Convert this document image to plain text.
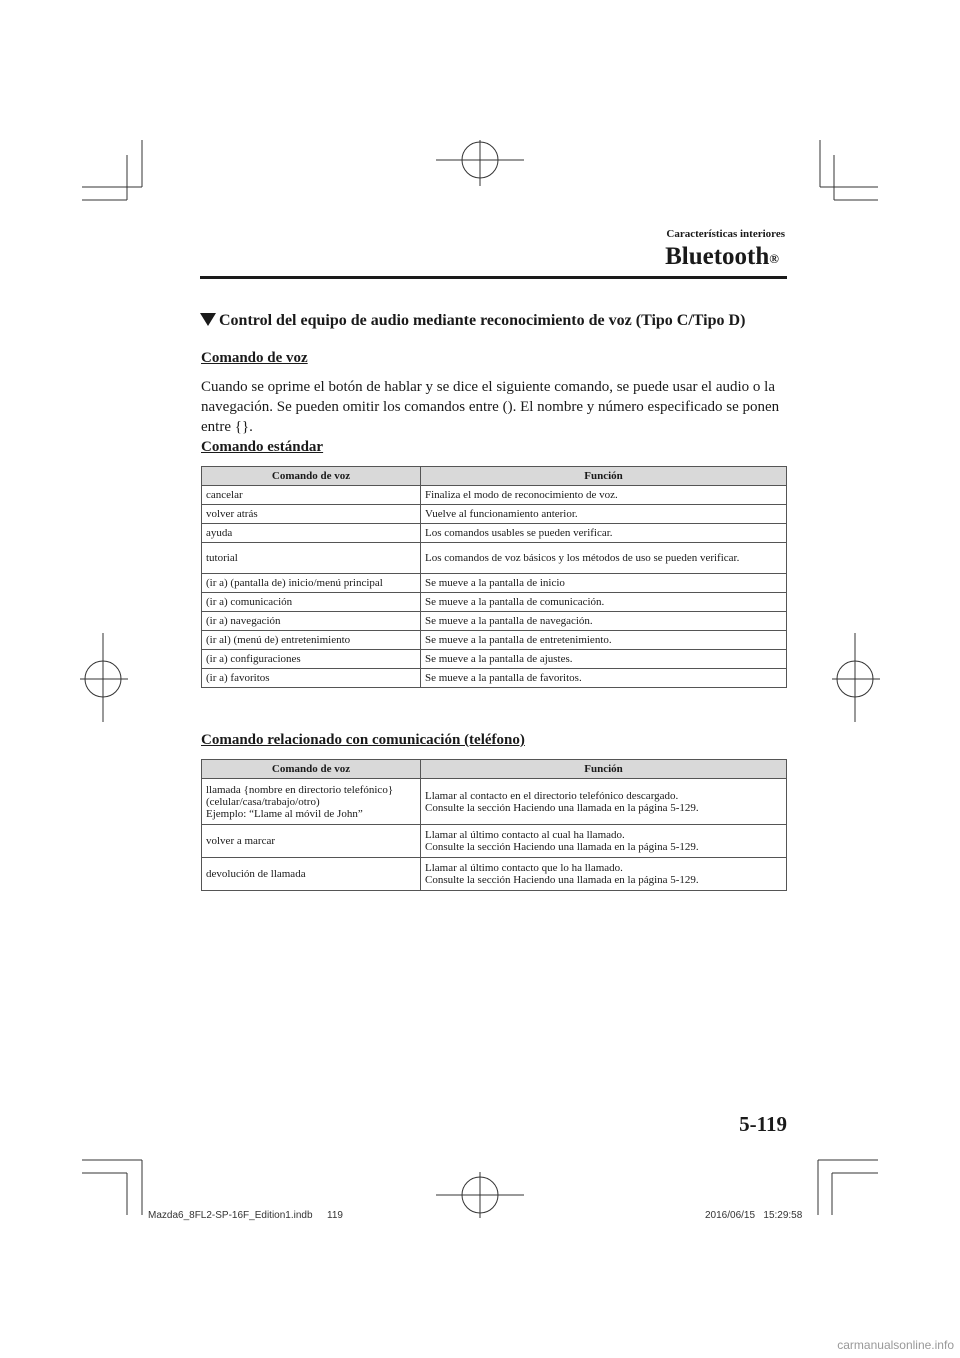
Características interiores
Bluetooth®
Control del equipo de audio mediante reconocimiento de voz (Tipo C/Tipo D)
Comando de voz
Cuando se oprime el botón de hablar y se dice el siguiente comando, se puede usar el audio o la navegación. Se pueden omitir los comandos entre (). El nombre y número especificado se ponen entre {}.
Comando estándar
Comando de voz	Función
cancelar	Finaliza el modo de reconocimiento de voz.
volver atrás	Vuelve al funcionamiento anterior.
ayuda	Los comandos usables se pueden verificar.
tutorial	Los comandos de voz básicos y los métodos de uso se pueden verificar.
(ir a) (pantalla de) inicio/menú principal	Se mueve a la pantalla de inicio
(ir a) comunicación	Se mueve a la pantalla de comunicación.
(ir a) navegación	Se mueve a la pantalla de navegación.
(ir al) (menú de) entretenimiento	Se mueve a la pantalla de entretenimiento.
(ir a) configuraciones	Se mueve a la pantalla de ajustes.
(ir a) favoritos	Se mueve a la pantalla de favoritos.
Comando relacionado con comunicación (teléfono)
Comando de voz	Función
llamada {nombre en directorio telefónico} (celular/casa/trabajo/otro)
Ejemplo: “Llame al móvil de John”	Llamar al contacto en el directorio telefónico descargado.
Consulte la sección Haciendo una llamada en la página 5-129.
volver a marcar	Llamar al último contacto al cual ha llamado.
Consulte la sección Haciendo una llamada en la página 5-129.
devolución de llamada	Llamar al último contacto que lo ha llamado.
Consulte la sección Haciendo una llamada en la página 5-129.
5-119
Mazda6_8FL2-SP-16F_Edition1.indb 119	2016/06/15   15:29:58
carmanualsonline.info
